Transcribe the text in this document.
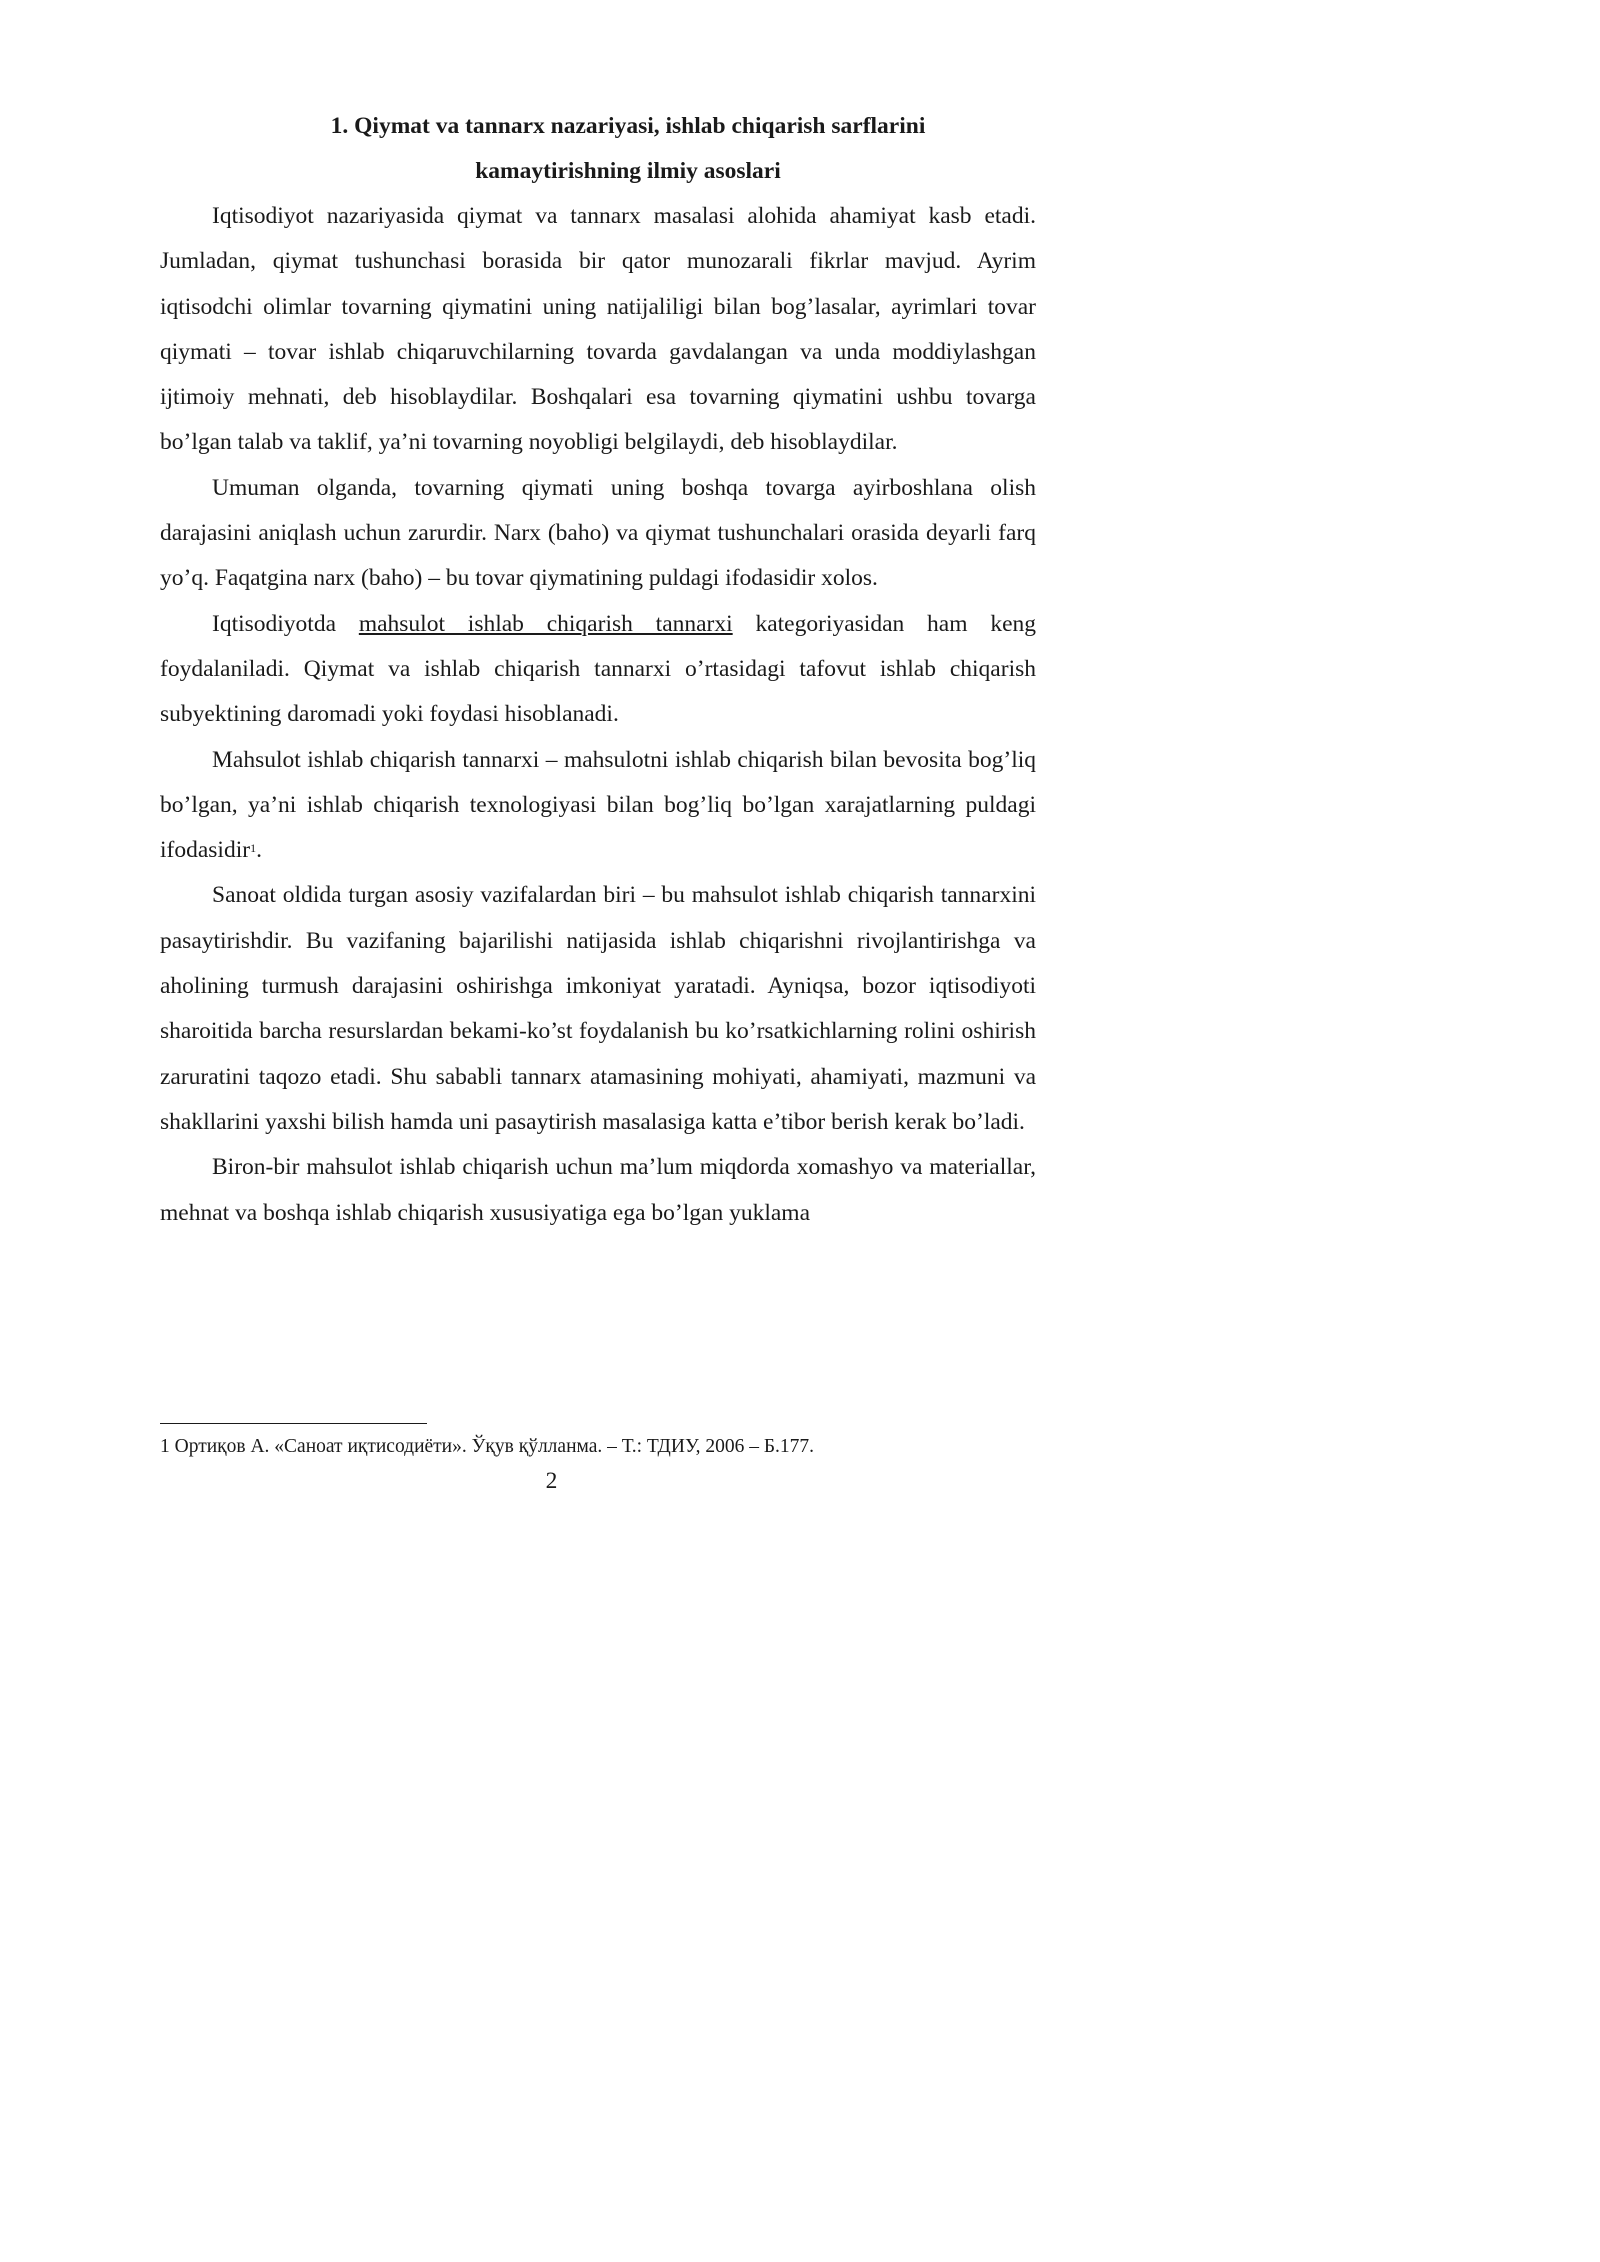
1. Qiymat va tannarx nazariyasi, ishlab chiqarish sarflarini
kamaytirishning ilmiy asoslari

Iqtisodiyot nazariyasida qiymat va tannarx masalasi alohida ahamiyat kasb etadi. Jumladan, qiymat tushunchasi borasida bir qator munozarali fikrlar mavjud. Ayrim iqtisodchi olimlar tovarning qiymatini uning natijaliligi bilan bog’lasalar, ayrimlari tovar qiymati – tovar ishlab chiqaruvchilarning tovarda gavdalangan va unda moddiylashgan ijtimoiy mehnati, deb hisoblaydilar. Boshqalari esa tovarning qiymatini ushbu tovarga bo’lgan talab va taklif, ya’ni tovarning noyobligi belgilaydi, deb hisoblaydilar.

Umuman olganda, tovarning qiymati uning boshqa tovarga ayirboshlana olish darajasini aniqlash uchun zarurdir. Narx (baho) va qiymat tushunchalari orasida deyarli farq yo’q. Faqatgina narx (baho) – bu tovar qiymatining puldagi ifodasidir xolos.

Iqtisodiyotda mahsulot ishlab chiqarish tannarxi kategoriyasidan ham keng foydalaniladi. Qiymat va ishlab chiqarish tannarxi o’rtasidagi tafovut ishlab chiqarish subyektining daromadi yoki foydasi hisoblanadi.

Mahsulot ishlab chiqarish tannarxi – mahsulotni ishlab chiqarish bilan bevosita bog’liq bo’lgan, ya’ni ishlab chiqarish texnologiyasi bilan bog’liq bo’lgan xarajatlarning puldagi ifodasidir$^1$.

Sanoat oldida turgan asosiy vazifalardan biri – bu mahsulot ishlab chiqarish tannarxini pasaytirishdir. Bu vazifaning bajarilishi natijasida ishlab chiqarishni rivojlantirishga va aholining turmush darajasini oshirishga imkoniyat yaratadi. Ayniqsa, bozor iqtisodiyoti sharoitida barcha resurslardan bekami-ko’st foydalanish bu ko’rsatkichlarning rolini oshirish zaruratini taqozo etadi. Shu sababli tannarx atamasining mohiyati, ahamiyati, mazmuni va shakllarini yaxshi bilish hamda uni pasaytirish masalasiga katta e’tibor berish kerak bo’ladi.

Biron-bir mahsulot ishlab chiqarish uchun ma’lum miqdorda xomashyo va materiallar, mehnat va boshqa ishlab chiqarish xususiyatiga ega bo’lgan yuklama

1 Ортиқов А. «Саноат иқтисодиёти». Ўқув қўлланма. – Т.: ТДИУ, 2006 – Б.177.

2
